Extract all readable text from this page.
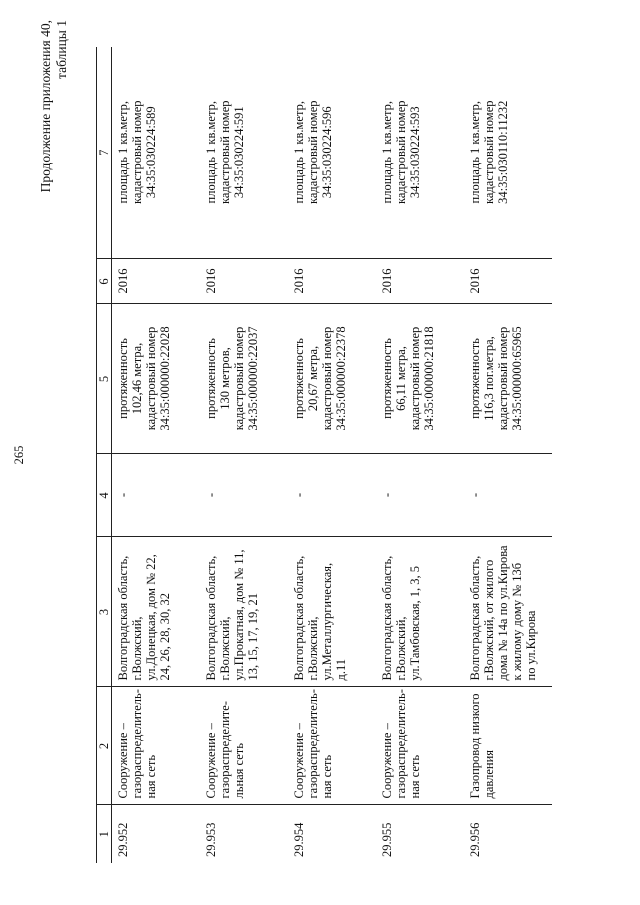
265
Продолжение приложения 40, таблицы 1
1	2	3	4	5	6	7
29.952	Сооружение – газораспределитель- ная сеть	Волгоградская область, г.Волжский, ул.Донецкая, дом № 22, 24, 26, 28, 30, 32	-	протяженность 102,46 метра, кадастровый номер 34:35:000000:22028	2016	площадь 1 кв.метр, кадастровый номер 34:35:030224:589

29.953	Сооружение – газораспределите- льная сеть	Волгоградская область, г.Волжский, ул.Прокатная, дом № 11, 13, 15, 17, 19, 21	-	протяженность 130 метров, кадастровый номер 34:35:000000:22037	2016	площадь 1 кв.метр, кадастровый номер 34:35:030224:591

29.954	Сооружение – газораспределитель- ная сеть	Волгоградская область, г.Волжский, ул.Металлургическая, д.11	-	протяженность 20,67 метра, кадастровый номер 34:35:000000:22378	2016	площадь 1 кв.метр, кадастровый номер 34:35:030224:596

29.955	Сооружение – газораспределитель- ная сеть	Волгоградская область, г.Волжский, ул.Тамбовская, 1, 3, 5	-	протяженность 66,11 метра, кадастровый номер 34:35:000000:21818	2016	площадь 1 кв.метр, кадастровый номер 34:35:030224:593

29.956	Газопровод низкого давления	Волгоградская область, г.Волжский, от жилого дома № 14а по ул.Кирова к жилому дому № 13б по ул.Кирова	-	протяженность 116,3 пог.метра, кадастровый номер 34:35:000000:65965	2016	площадь 1 кв.метр, кадастровый номер 34:35:030110:11232
